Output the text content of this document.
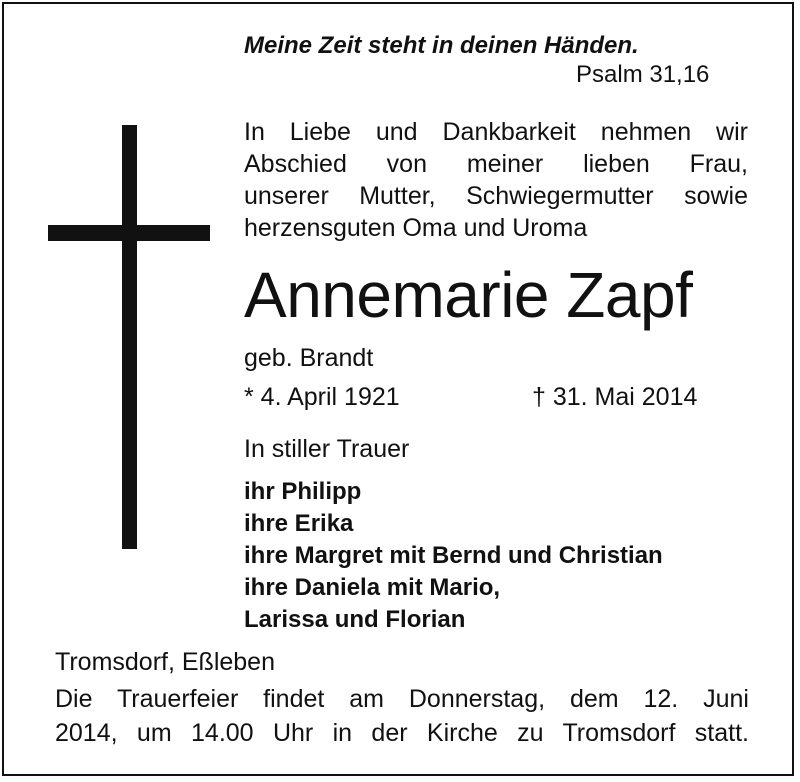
Meine Zeit steht in deinen Händen.
Psalm 31,16
In Liebe und Dankbarkeit nehmen wir
Abschied von meiner lieben Frau,
unserer Mutter, Schwiegermutter sowie
herzensguten Oma und Uroma
Annemarie Zapf
geb. Brandt
* 4. April 1921	† 31. Mai 2014
In stiller Trauer
ihr Philipp
ihre Erika
ihre Margret mit Bernd und Christian
ihre Daniela mit Mario,
Larissa und Florian
Tromsdorf, Eßleben
Die Trauerfeier findet am Donnerstag, dem 12. Juni
2014, um 14.00 Uhr in der Kirche zu Tromsdorf statt.
